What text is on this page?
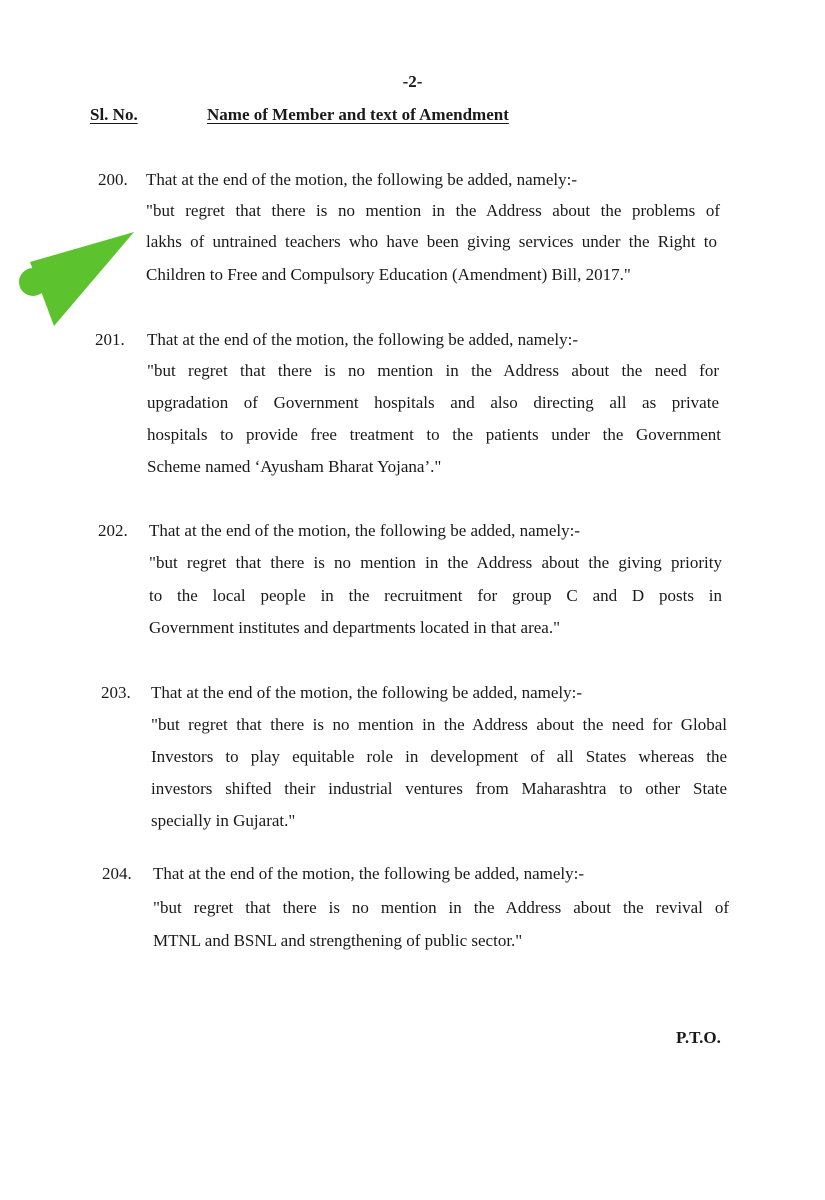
-2-
Sl. No.	Name of Member and text of Amendment
200. That at the end of the motion, the following be added, namely:-
"but regret that there is no mention in the Address about the problems of
lakhs of untrained teachers who have been giving services under the Right to
Children to Free and Compulsory Education (Amendment) Bill, 2017."
201. That at the end of the motion, the following be added, namely:-
"but regret that there is no mention in the Address about the need for
upgradation of Government hospitals and also directing all as private
hospitals to provide free treatment to the patients under the Government
Scheme named ‘Ayusham Bharat Yojana’."
202. That at the end of the motion, the following be added, namely:-
"but regret that there is no mention in the Address about the giving priority
to the local people in the recruitment for group C and D posts in
Government institutes and departments located in that area."
203. That at the end of the motion, the following be added, namely:-
"but regret that there is no mention in the Address about the need for Global
Investors to play equitable role in development of all States whereas the
investors shifted their industrial ventures from Maharashtra to other State
specially in Gujarat."
204. That at the end of the motion, the following be added, namely:-
"but regret that there is no mention in the Address about the revival of
MTNL and BSNL and strengthening of public sector."
P.T.O.
